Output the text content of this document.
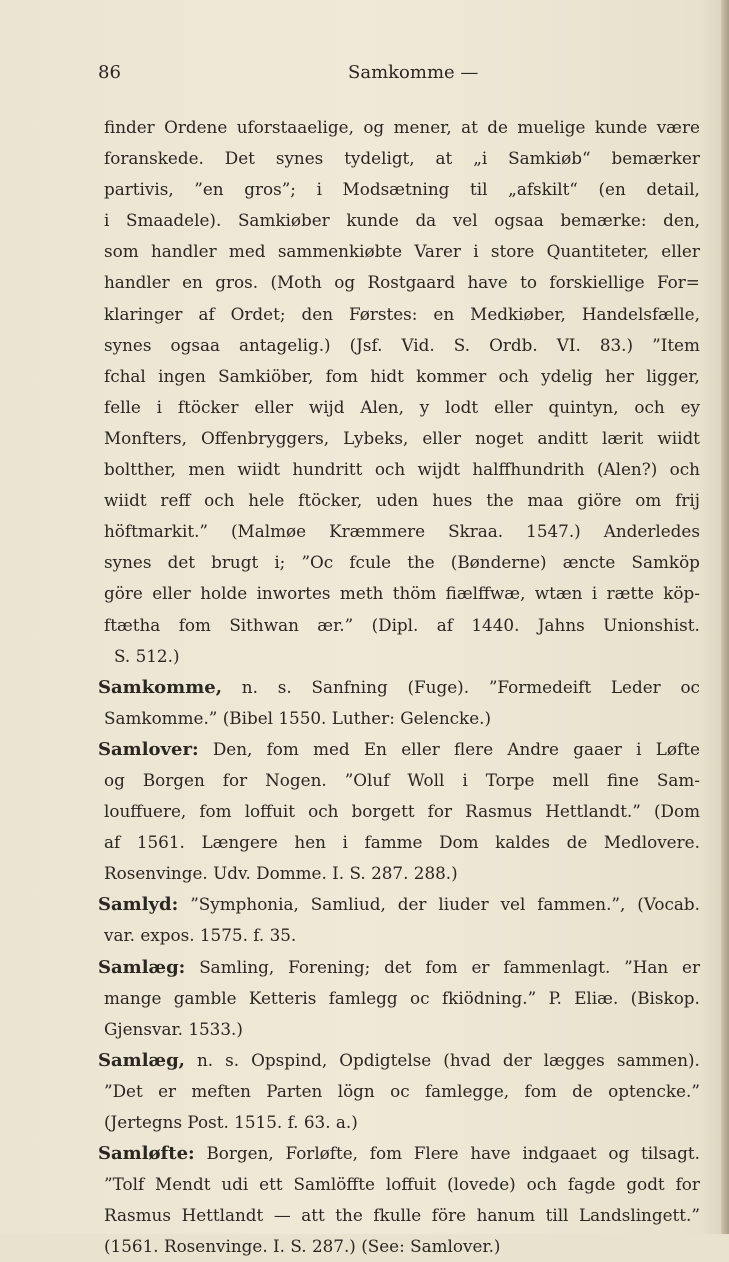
86	Samkomme —
finder Ordene uforstaaelige, og mener, at de muelige kunde være
foranskede. Det synes tydeligt, at „i Samkiøb“ bemærker
partivis, ”en gros”; i Modsætning til „afskilt“ (en detail,
i Smaadele). Samkiøber kunde da vel ogsaa bemærke: den,
som handler med sammenkiøbte Varer i store Quantiteter, eller
handler en gros. (Moth og Rostgaard have to forskiellige For=
klaringer af Ordet; den Førstes: en Medkiøber, Handelsfælle,
synes ogsaa antagelig.) (Jsf. Vid. S. Ordb. VI. 83.) ”Item
fchal ingen Samkiöber, fom hidt kommer och ydelig her ligger,
felle i ftöcker eller wijd Alen, y lodt eller quintyn, och ey
Monfters, Offenbryggers, Lybeks, eller noget anditt lærit wiidt
boltther, men wiidt hundritt och wijdt halffhundrith (Alen?) och
wiidt reff och hele ftöcker, uden hues the maa giöre om frij
höftmarkit.” (Malmøe Kræmmere Skraa. 1547.) Anderledes
synes det brugt i; ”Oc fcule the (Bønderne) æncte Samköp
göre eller holde inwortes meth thöm fiælffwæ, wtæn i rætte köp-
ftætha fom Sithwan ær.” (Dipl. af 1440. Jahns Unionshist.
S.
512.)
Samkomme, n. s. Sanfning (Fuge). ”Formedeift Leder oc
Samkomme.”
(Bibel
1550.
Luther:
Gelencke.)
Samlover: Den, fom med En eller flere Andre gaaer i Løfte
og Borgen for Nogen. ”Oluf Woll i Torpe mell fine Sam-
louffuere, fom loffuit och borgett for Rasmus Hettlandt.” (Dom
af 1561. Længere hen i famme Dom kaldes de Medlovere.
Rosenvinge.
Udv.
Domme.
I.
S.
287.
288.)
Samlyd: ”Symphonia, Samliud, der liuder vel fammen.”, (Vocab.
var.
expos.
1575.
f.
35.
Samlæg: Samling, Forening; det fom er fammenlagt. ”Han er
mange gamble Ketteris famlegg oc fkiödning.” P. Eliæ. (Biskop.
Gjensvar.
1533.)
Samlæg, n. s. Opspind, Opdigtelse (hvad der lægges sammen).
”Det er meften Parten lögn oc famlegge, fom de optencke.”
(Jertegns
Post.
1515.
f.
63.
a.)
Samløfte: Borgen, Forløfte, fom Flere have indgaaet og tilsagt.
”Tolf Mendt udi ett Samlöffte loffuit (lovede) och fagde godt for
Rasmus Hettlandt — att the fkulle före hanum till Landslingett.”
(1561.
Rosenvinge.
I.
S.
287.)
(See:
Samlover.)
